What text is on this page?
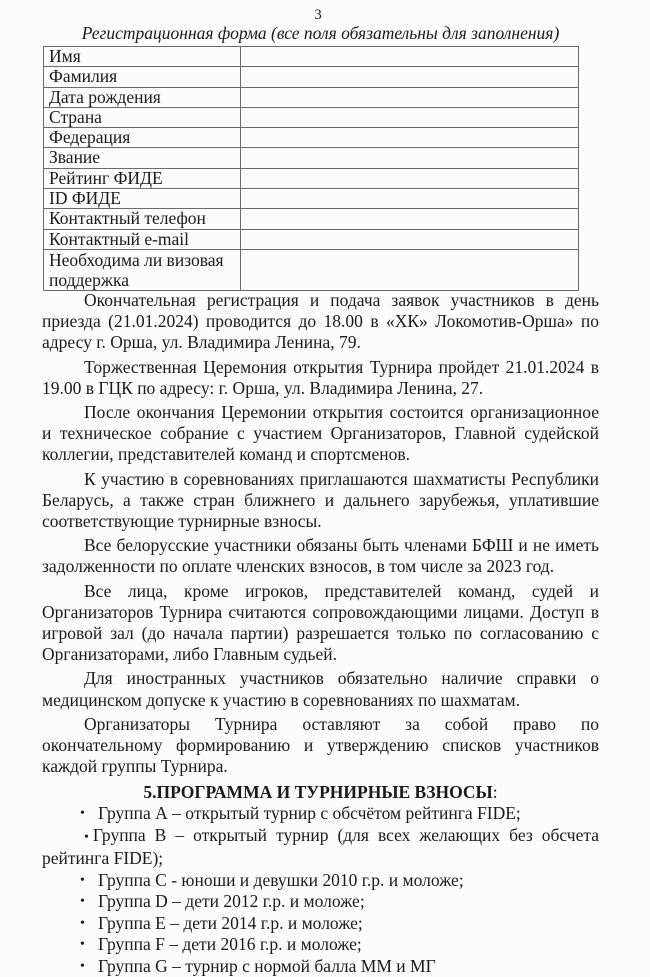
3
Регистрационная форма (все поля обязательны для заполнения)
Имя	
Фамилия	
Дата рождения	
Страна	
Федерация	
Звание	
Рейтинг ФИДЕ	
ID ФИДЕ	
Контактный телефон	
Контактный e-mail	
Необходима ли визовая поддержка	

Окончательная регистрация и подача заявок участников в день приезда (21.01.2024) проводится до 18.00 в «ХК» Локомотив-Орша» по адресу г. Орша, ул. Владимира Ленина, 79.

Торжественная Церемония открытия Турнира пройдет 21.01.2024 в 19.00 в ГЦК по адресу: г. Орша, ул. Владимира Ленина, 27.

После окончания Церемонии открытия состоится организационное и техническое собрание с участием Организаторов, Главной судейской коллегии, представителей команд и спортсменов.

К участию в соревнованиях приглашаются шахматисты Республики Беларусь, а также стран ближнего и дальнего зарубежья, уплатившие соответствующие турнирные взносы.

Все белорусские участники обязаны быть членами БФШ и не иметь задолженности по оплате членских взносов, в том числе за 2023 год.

Все лица, кроме игроков, представителей команд, судей и Организаторов Турнира считаются сопровождающими лицами. Доступ в игровой зал (до начала партии) разрешается только по согласованию с Организаторами, либо Главным судьей.

Для иностранных участников обязательно наличие справки о медицинском допуске к участию в соревнованиях по шахматам.

Организаторы Турнира оставляют за собой право по окончательному формированию и утверждению списков участников каждой группы Турнира.

5.ПРОГРАММА И ТУРНИРНЫЕ ВЗНОСЫ:
• Группа А – открытый турнир с обсчётом рейтинга FIDE;
• Группа В – открытый турнир (для всех желающих без обсчета рейтинга FIDE);
• Группа С - юноши и девушки 2010 г.р. и моложе;
• Группа D – дети 2012 г.р. и моложе;
• Группа Е – дети 2014 г.р. и моложе;
• Группа F – дети 2016 г.р. и моложе;
• Группа G – турнир с нормой балла ММ и МГ
